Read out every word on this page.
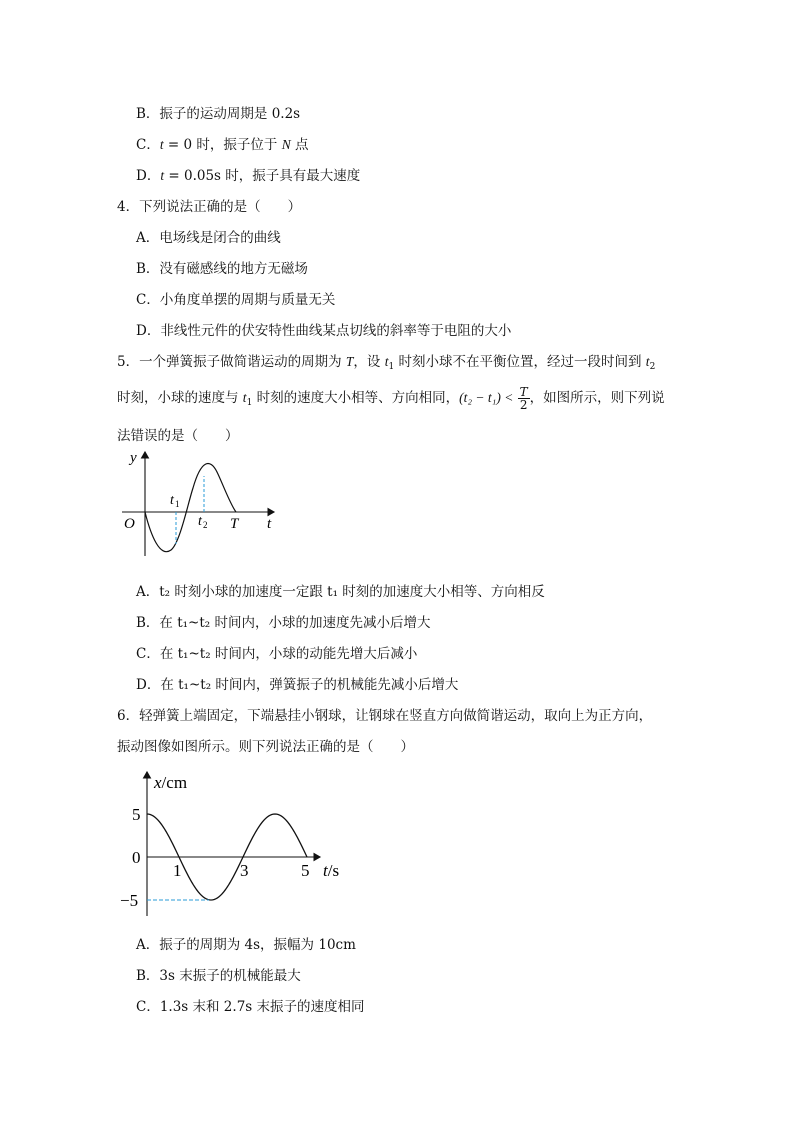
B．振子的运动周期是 0.2s
C．t = 0 时，振子位于 N 点
D．t = 0.05s 时，振子具有最大速度
4．下列说法正确的是（　　）
A．电场线是闭合的曲线
B．没有磁感线的地方无磁场
C．小角度单摆的周期与质量无关
D．非线性元件的伏安特性曲线某点切线的斜率等于电阻的大小
5．一个弹簧振子做简谐运动的周期为 T，设 $t_1$ 时刻小球不在平衡位置，经过一段时间到 $t_2$
时刻，小球的速度与 $t_1$ 时刻的速度大小相等、方向相同，$(t_2 - t_1) < \frac{T}{2}$ ，如图所示，则下列说
法错误的是（　　）
y
O
t 1
t 2 T t
A．t₂ 时刻小球的加速度一定跟 t₁ 时刻的加速度大小相等、方向相反
B．在 t₁~t₂ 时间内，小球的加速度先减小后增大
C．在 t₁~t₂ 时间内，小球的动能先增大后减小
D．在 t₁~t₂ 时间内，弹簧振子的机械能先减小后增大
6．轻弹簧上端固定，下端悬挂小钢球，让钢球在竖直方向做简谐运动，取向上为正方向，
振动图像如图所示。则下列说法正确的是（　　）
x/cm
5
0
−5
1	3	5 t/s
A．振子的周期为 4s，振幅为 10cm
B．3s 末振子的机械能最大
C．1.3s 末和 2.7s 末振子的速度相同
